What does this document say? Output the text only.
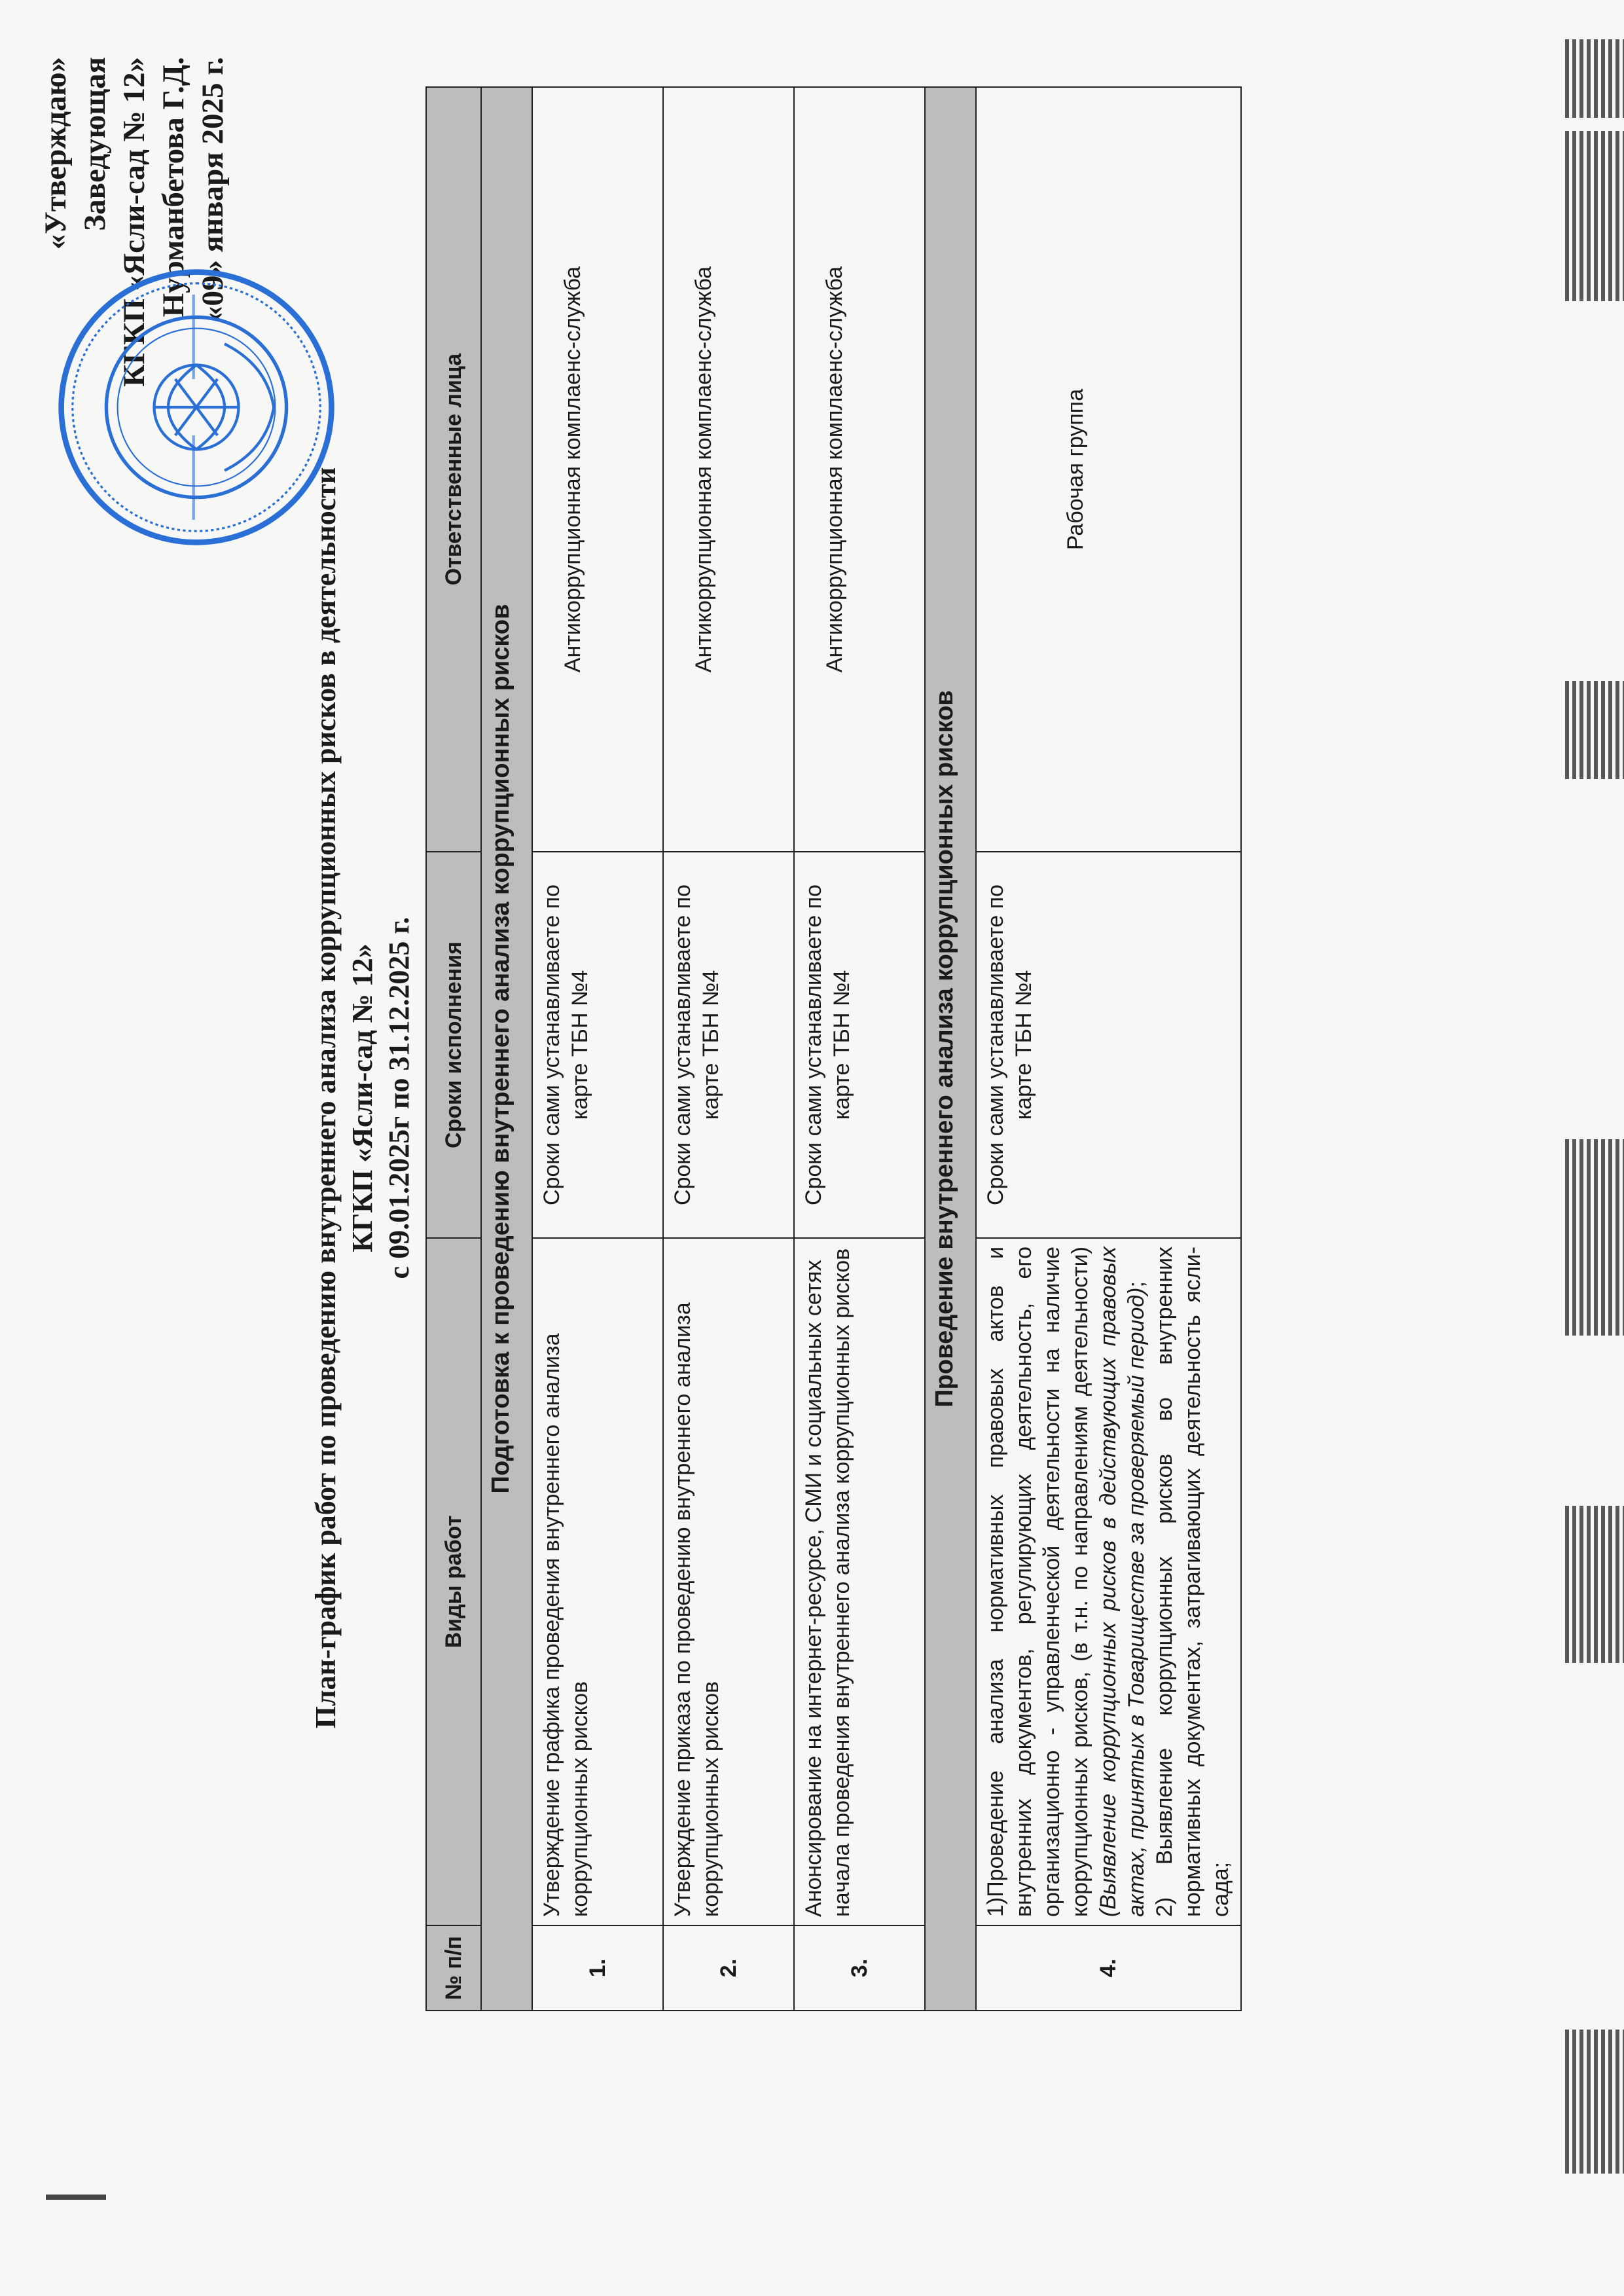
«Утверждаю» Заведующая КГКП «Ясли-сад № 12» Нурманбетова Г.Д. «09» января 2025 г.
План-график работ по проведению внутреннего анализа коррупционных рисков в деятельности КГКП «Ясли-сад № 12» с 09.01.2025г по 31.12.2025 г.
№ п/п	Виды работ	Сроки исполнения	Ответственные лица
Подготовка к проведению внутреннего анализа коррупционных рисков			
1.	Утверждение графика проведения внутреннего анализа коррупционных рисков	Сроки сами устанавливаете по карте ТБН №4	Антикоррупционная комплаенс-служба
2.	Утверждение приказа по проведению внутреннего анализа коррупционных рисков	Сроки сами устанавливаете по карте ТБН №4	Антикоррупционная комплаенс-служба
3.	Анонсирование на интернет-ресурсе, СМИ и социальных сетях начала проведения внутреннего анализа коррупционных рисков	Сроки сами устанавливаете по карте ТБН №4	Антикоррупционная комплаенс-служба
Проведение внутреннего анализа коррупционных рисков			
4.	1)Проведение анализа нормативных правовых актов и внутренних документов, регулирующих деятельность, его организационно - управленческой деятельности на наличие коррупционных рисков, (в т.н. по направлениям деятельности) (Выявление коррупционных рисков в действующих правовых актах, принятых в Товариществе за проверяемый период); 2) Выявление коррупционных рисков во внутренних нормативных документах, затрагивающих деятельность ясли-сада;	Сроки сами устанавливаете по карте ТБН №4	Рабочая группа
